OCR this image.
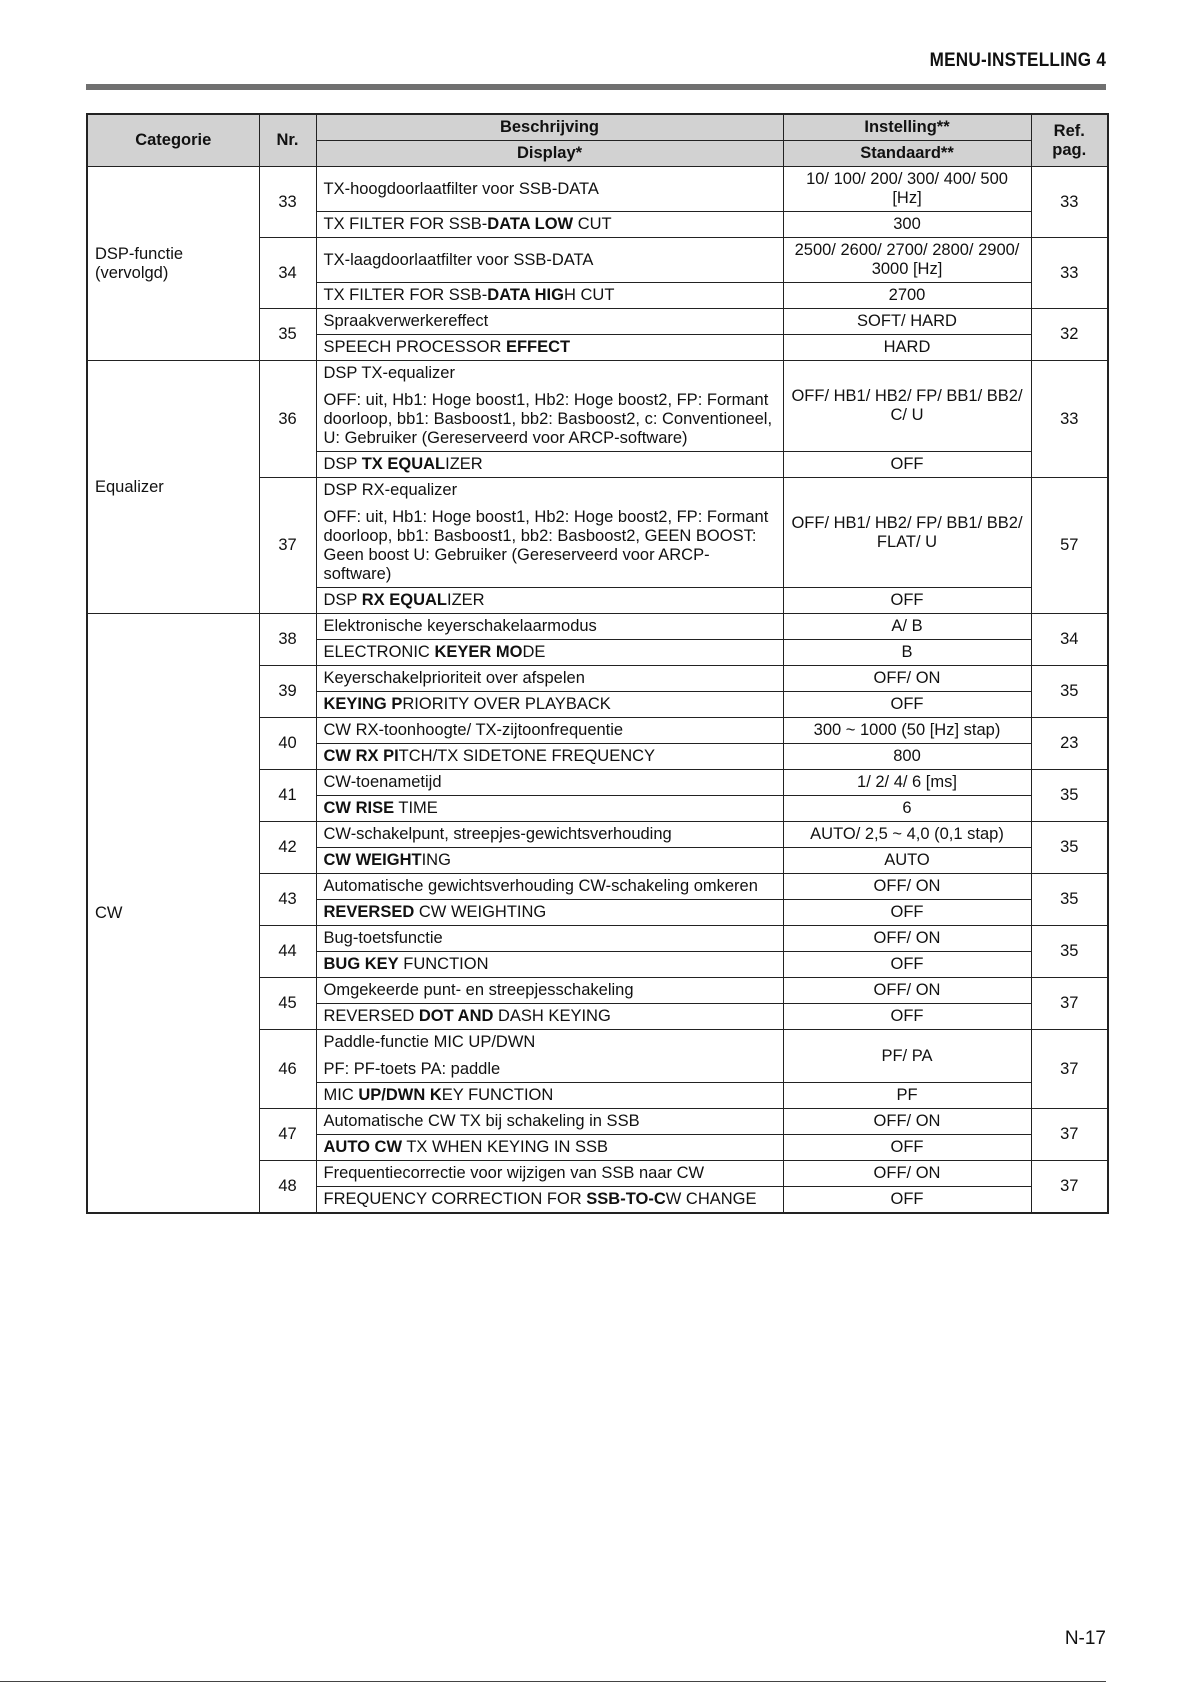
MENU-INSTELLING 4
Categorie	Nr.	Beschrijving	Instelling**	Ref. pag.
		Display*	Standaard**	
DSP-functie (vervolgd)	33	TX-hoogdoorlaatfilter voor SSB-DATA	10/ 100/ 200/ 300/ 400/ 500 [Hz]	33
		TX FILTER FOR SSB-DATA LOW CUT	300	
	34	TX-laagdoorlaatfilter voor SSB-DATA	2500/ 2600/ 2700/ 2800/ 2900/ 3000 [Hz]	33
		TX FILTER FOR SSB-DATA HIGH CUT	2700	
	35	Spraakverwerkereffect	SOFT/ HARD	32
		SPEECH PROCESSOR EFFECT	HARD	
Equalizer	36	DSP TX-equalizer
OFF: uit, Hb1: Hoge boost1, Hb2: Hoge boost2, FP: Formant doorloop, bb1: Basboost1, bb2: Basboost2, c: Conventioneel, U: Gebruiker (Gereserveerd voor ARCP-software)	OFF/ HB1/ HB2/ FP/ BB1/ BB2/ C/ U	33
		DSP TX EQUALIZER	OFF	
	37	DSP RX-equalizer
OFF: uit, Hb1: Hoge boost1, Hb2: Hoge boost2, FP: Formant doorloop, bb1: Basboost1, bb2: Basboost2, GEEN BOOST: Geen boost U: Gebruiker (Gereserveerd voor ARCP-software)	OFF/ HB1/ HB2/ FP/ BB1/ BB2/ FLAT/ U	57
		DSP RX EQUALIZER	OFF	
CW	38	Elektronische keyerschakelaarmodus	A/ B	34
		ELECTRONIC KEYER MODE	B	
	39	Keyerschakelprioriteit over afspelen	OFF/ ON	35
		KEYING PRIORITY OVER PLAYBACK	OFF	
	40	CW RX-toonhoogte/ TX-zijtoonfrequentie	300 ~ 1000 (50 [Hz] stap)	23
		CW RX PITCH/TX SIDETONE FREQUENCY	800	
	41	CW-toenametijd	1/ 2/ 4/ 6 [ms]	35
		CW RISE TIME	6	
	42	CW-schakelpunt, streepjes-gewichtsverhouding	AUTO/ 2,5 ~ 4,0 (0,1 stap)	35
		CW WEIGHTING	AUTO	
	43	Automatische gewichtsverhouding CW-schakeling omkeren	OFF/ ON	35
		REVERSED CW WEIGHTING	OFF	
	44	Bug-toetsfunctie	OFF/ ON	35
		BUG KEY FUNCTION	OFF	
	45	Omgekeerde punt- en streepjesschakeling	OFF/ ON	37
		REVERSED DOT AND DASH KEYING	OFF	
	46	Paddle-functie MIC UP/DWN
PF: PF-toets PA: paddle	PF/ PA	37
		MIC UP/DWN KEY FUNCTION	PF	
	47	Automatische CW TX bij schakeling in SSB	OFF/ ON	37
		AUTO CW TX WHEN KEYING IN SSB	OFF	
	48	Frequentiecorrectie voor wijzigen van SSB naar CW	OFF/ ON	37
		FREQUENCY CORRECTION FOR SSB-TO-CW CHANGE	OFF	
N-17
